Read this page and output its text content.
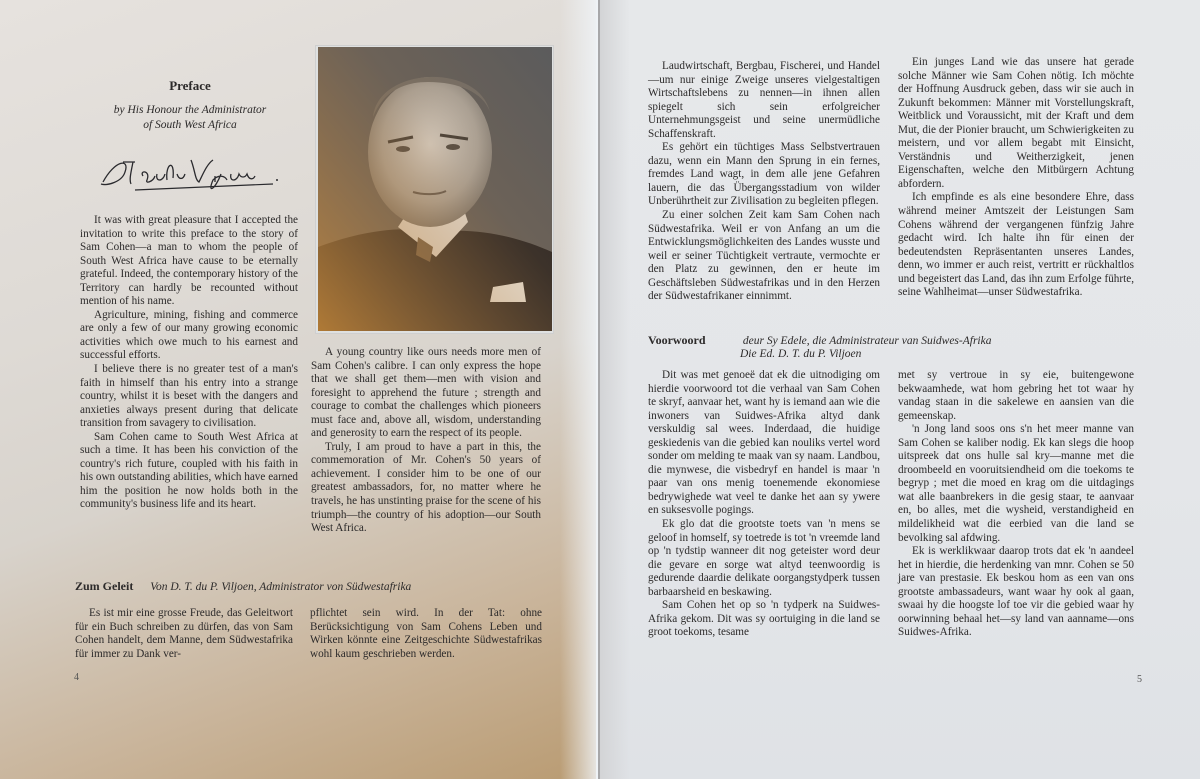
Preface
by His Honour the Administrator
of South West Africa

It was with great pleasure that I accepted the invitation to write this preface to the story of Sam Cohen—a man to whom the people of South West Africa have cause to be eternally grateful. Indeed, the contemporary history of the Territory can hardly be recounted without mention of his name.

Agriculture, mining, fishing and commerce are only a few of our many growing economic activities which owe much to his earnest and successful efforts.

I believe there is no greater test of a man's faith in himself than his entry into a strange country, whilst it is beset with the dangers and anxieties always present during that delicate transition from savagery to civilisation.

Sam Cohen came to South West Africa at such a time. It has been his conviction of the country's rich future, coupled with his faith in his own outstanding abilities, which have earned him the position he now holds both in the community's business life and its heart.

A young country like ours needs more men of Sam Cohen's calibre. I can only express the hope that we shall get them—men with vision and foresight to apprehend the future ; strength and courage to combat the challenges which pioneers must face and, above all, wisdom, understanding and generosity to earn the respect of its people.

Truly, I am proud to have a part in this, the commemoration of Mr. Cohen's 50 years of achievement. I consider him to be one of our greatest ambassadors, for, no matter where he travels, he has unstinting praise for the scene of his triumph—the country of his adoption—our South West Africa.

Zum Geleit Von D. T. du P. Viljoen, Administrator von Südwestafrika

Es ist mir eine grosse Freude, das Geleitwort für ein Buch schreiben zu dürfen, das von Sam Cohen handelt, dem Manne, dem Südwestafrika für immer zu Dank ver-

pflichtet sein wird. In der Tat: ohne Berücksichtigung von Sam Cohens Leben und Wirken könnte eine Zeitgeschichte Südwestafrikas wohl kaum geschrieben werden.

4

Laudwirtschaft, Bergbau, Fischerei, und Handel—um nur einige Zweige unseres vielgestaltigen Wirtschaftslebens zu nennen—in ihnen allen spiegelt sich sein erfolgreicher Unternehmungsgeist und seine unermüdliche Schaffenskraft.

Es gehört ein tüchtiges Mass Selbstvertrauen dazu, wenn ein Mann den Sprung in ein fernes, fremdes Land wagt, in dem alle jene Gefahren lauern, die das Übergangsstadium von wilder Unberührtheit zur Zivilisation zu begleiten pflegen.

Zu einer solchen Zeit kam Sam Cohen nach Südwestafrika. Weil er von Anfang an um die Entwicklungsmöglichkeiten des Landes wusste und weil er seiner Tüchtigkeit vertraute, vermochte er den Platz zu gewinnen, den er heute im Geschäftsleben Südwestafrikas und in den Herzen der Südwestafrikaner einnimmt.

Ein junges Land wie das unsere hat gerade solche Männer wie Sam Cohen nötig. Ich möchte der Hoffnung Ausdruck geben, dass wir sie auch in Zukunft bekommen: Männer mit Vorstellungskraft, Weitblick und Voraussicht, mit der Kraft und dem Mut, die der Pionier braucht, um Schwierigkeiten zu meistern, und vor allem begabt mit Einsicht, Verständnis und Weitherzigkeit, jenen Eigenschaften, welche den Mitbürgern Achtung abfordern.

Ich empfinde es als eine besondere Ehre, dass während meiner Amtszeit der Leistungen Sam Cohens während der vergangenen fünfzig Jahre gedacht wird. Ich halte ihn für einen der bedeutendsten Repräsentanten unseres Landes, denn, wo immer er auch reist, vertritt er rückhaltlos und begeistert das Land, das ihn zum Erfolge führte, seine Wahlheimat—unser Südwestafrika.

Voorwoord	deur Sy Edele, die Administrateur van Suidwes-Afrika
Die Ed. D. T. du P. Viljoen

Dit was met genoeë dat ek die uitnodiging om hierdie voorwoord tot die verhaal van Sam Cohen te skryf, aanvaar het, want hy is iemand aan wie die inwoners van Suidwes-Afrika altyd dank verskuldig sal wees. Inderdaad, die huidige geskiedenis van die gebied kan nouliks vertel word sonder om melding te maak van sy naam. Landbou, die mynwese, die visbedryf en handel is maar 'n paar van ons menig toenemende ekonomiese bedrywighede wat veel te danke het aan sy ywere en suksesvolle pogings.

Ek glo dat die grootste toets van 'n mens se geloof in homself, sy toetrede is tot 'n vreemde land op 'n tydstip wanneer dit nog geteister word deur die gevare en sorge wat altyd teenwoordig is gedurende daardie delikate oorgangstydperk tussen barbaarsheid en beskawing.

Sam Cohen het op so 'n tydperk na Suidwes-Afrika gekom. Dit was sy oortuiging in die land se groot toekoms, tesame

met sy vertroue in sy eie, buitengewone bekwaamhede, wat hom gebring het tot waar hy vandag staan in die sakelewe en aansien van die gemeenskap.

'n Jong land soos ons s'n het meer manne van Sam Cohen se kaliber nodig. Ek kan slegs die hoop uitspreek dat ons hulle sal kry—manne met die droombeeld en vooruitsiendheid om die toekoms te begryp ; met die moed en krag om die uitdagings wat alle baanbrekers in die gesig staar, te aanvaar en, bo alles, met die wysheid, verstandigheid en mildelikheid wat die eerbied van die land se bevolking sal afdwing.

Ek is werklikwaar daarop trots dat ek 'n aandeel het in hierdie, die herdenking van mnr. Cohen se 50 jare van prestasie. Ek beskou hom as een van ons grootste ambassadeurs, want waar hy ook al gaan, swaai hy die hoogste lof toe vir die gebied waar hy oorwinning behaal het—sy land van aanname—ons Suidwes-Afrika.

5
